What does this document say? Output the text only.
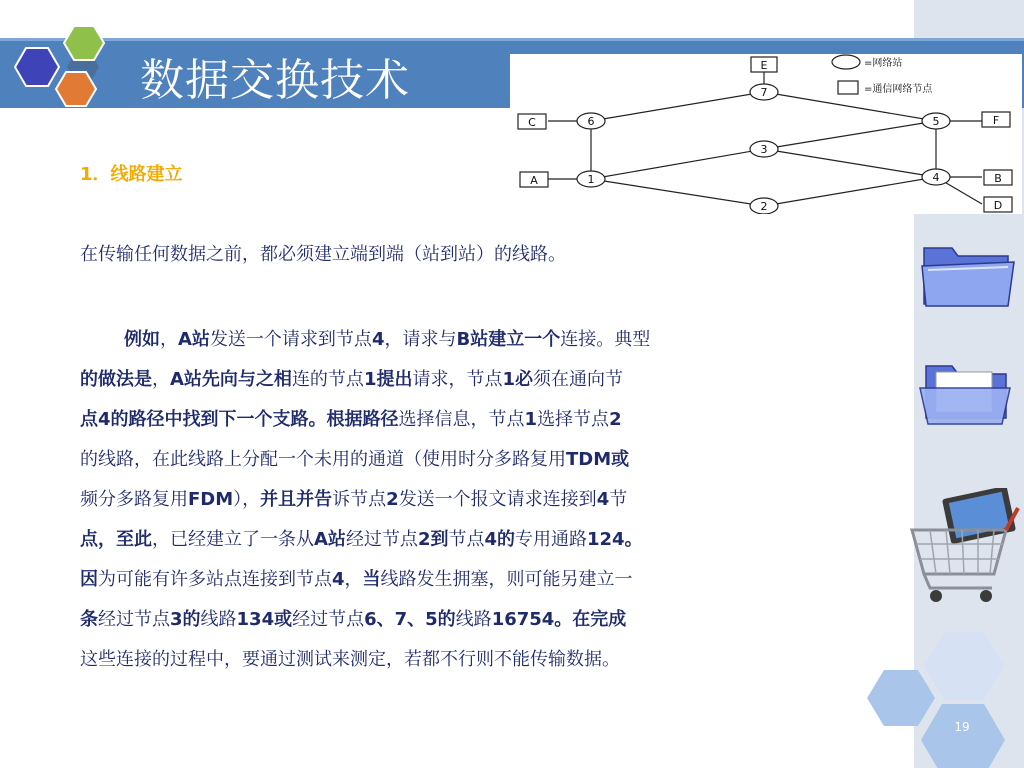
数据交换技术	E
C	F
A	B
D
7
6	5
3
1	4
2
=网络站
=通信网络节点
1．线路建立
在传输任何数据之前，都必须建立端到端（站到站）的线路。
例如，A站发送一个请求到节点4，请求与B站建立一个连接。典型
的做法是，A站先向与之相连的节点1提出请求，节点1必须在通向节
点4的路径中找到下一个支路。根据路径选择信息，节点1选择节点2
的线路，在此线路上分配一个未用的通道（使用时分多路复用TDM或
频分多路复用FDM），并且并告诉节点2发送一个报文请求连接到4节
点，至此，已经建立了一条从A站经过节点2到节点4的专用通路124。
因为可能有许多站点连接到节点4，当线路发生拥塞，则可能另建立一
条经过节点3的线路134或经过节点6、7、5的线路16754。在完成
这些连接的过程中，要通过测试来测定，若都不行则不能传输数据。
19
